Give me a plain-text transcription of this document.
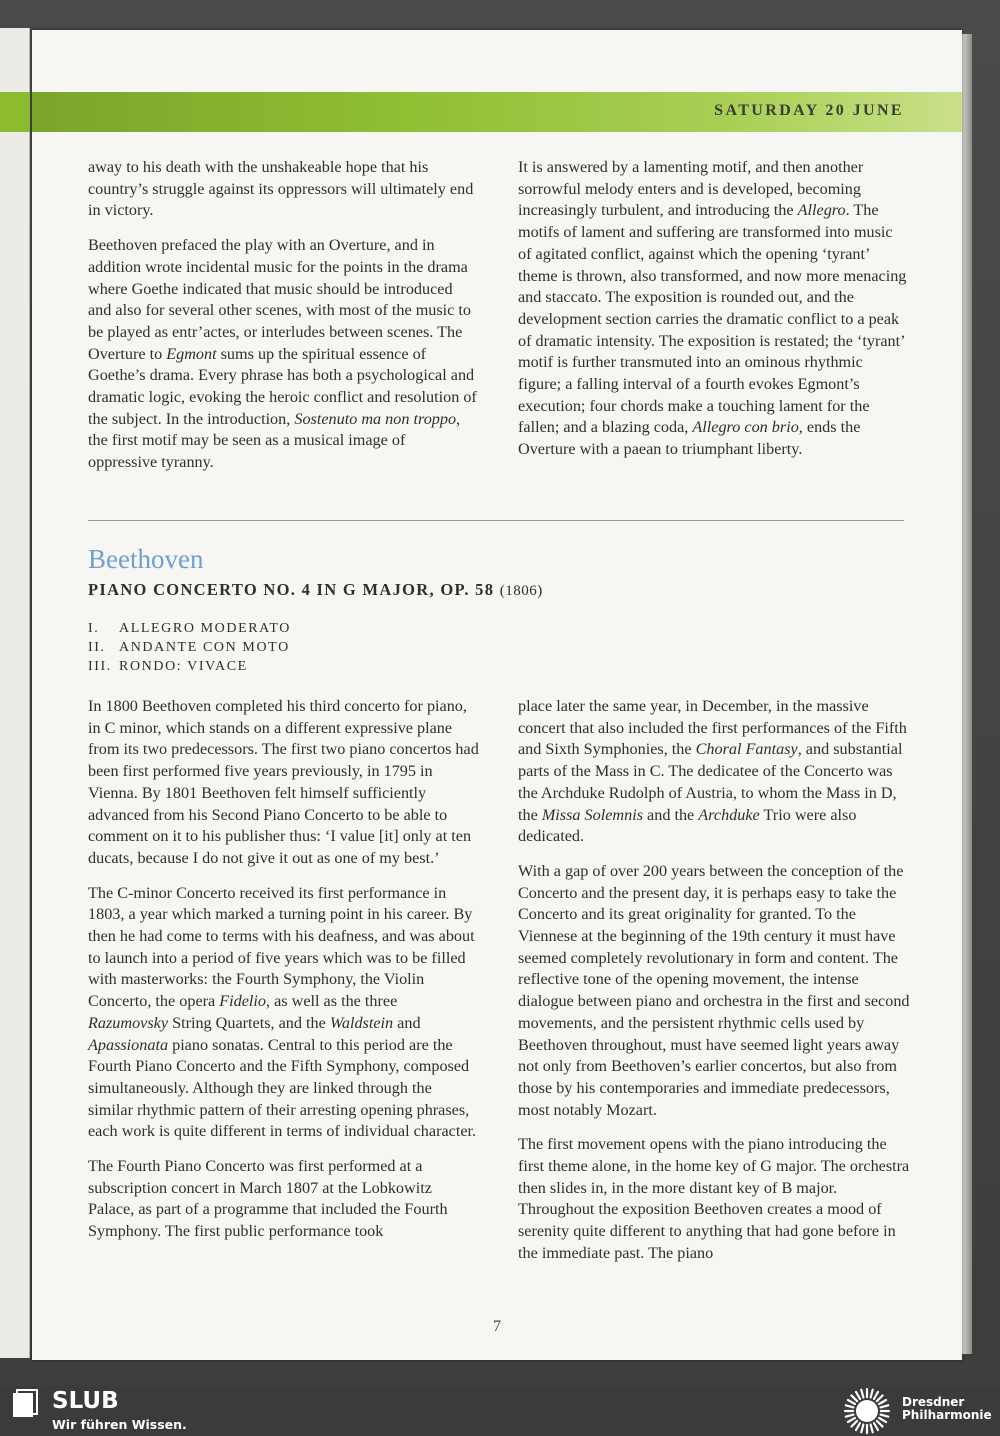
SATURDAY 20 JUNE

away to his death with the unshakeable hope that his country’s struggle against its oppressors will ultimately end in victory.

Beethoven prefaced the play with an Overture, and in addition wrote incidental music for the points in the drama where Goethe indicated that music should be introduced and also for several other scenes, with most of the music to be played as entr’actes, or interludes between scenes. The Overture to Egmont sums up the spiritual essence of Goethe’s drama. Every phrase has both a psychological and dramatic logic, evoking the heroic conflict and resolution of the subject. In the introduction, Sostenuto ma non troppo, the first motif may be seen as a musical image of oppressive tyranny.

It is answered by a lamenting motif, and then another sorrowful melody enters and is developed, becoming increasingly turbulent, and introducing the Allegro. The motifs of lament and suffering are transformed into music of agitated conflict, against which the opening ‘tyrant’ theme is thrown, also transformed, and now more menacing and staccato. The exposition is rounded out, and the development section carries the dramatic conflict to a peak of dramatic intensity. The exposition is restated; the ‘tyrant’ motif is further transmuted into an ominous rhythmic figure; a falling interval of a fourth evokes Egmont’s execution; four chords make a touching lament for the fallen; and a blazing coda, Allegro con brio, ends the Overture with a paean to triumphant liberty.

Beethoven
PIANO CONCERTO NO. 4 IN G MAJOR, OP. 58 (1806)
I. ALLEGRO MODERATO
II. ANDANTE CON MOTO
III. RONDO: VIVACE

In 1800 Beethoven completed his third concerto for piano, in C minor, which stands on a different expressive plane from its two predecessors. The first two piano concertos had been first performed five years previously, in 1795 in Vienna. By 1801 Beethoven felt himself sufficiently advanced from his Second Piano Concerto to be able to comment on it to his publisher thus: ‘I value [it] only at ten ducats, because I do not give it out as one of my best.’

The C-minor Concerto received its first performance in 1803, a year which marked a turning point in his career. By then he had come to terms with his deafness, and was about to launch into a period of five years which was to be filled with masterworks: the Fourth Symphony, the Violin Concerto, the opera Fidelio, as well as the three Razumovsky String Quartets, and the Waldstein and Apassionata piano sonatas. Central to this period are the Fourth Piano Concerto and the Fifth Symphony, composed simultaneously. Although they are linked through the similar rhythmic pattern of their arresting opening phrases, each work is quite different in terms of individual character.

The Fourth Piano Concerto was first performed at a subscription concert in March 1807 at the Lobkowitz Palace, as part of a programme that included the Fourth Symphony. The first public performance took

place later the same year, in December, in the massive concert that also included the first performances of the Fifth and Sixth Symphonies, the Choral Fantasy, and substantial parts of the Mass in C. The dedicatee of the Concerto was the Archduke Rudolph of Austria, to whom the Mass in D, the Missa Solemnis and the Archduke Trio were also dedicated.

With a gap of over 200 years between the conception of the Concerto and the present day, it is perhaps easy to take the Concerto and its great originality for granted. To the Viennese at the beginning of the 19th century it must have seemed completely revolutionary in form and content. The reflective tone of the opening movement, the intense dialogue between piano and orchestra in the first and second movements, and the persistent rhythmic cells used by Beethoven throughout, must have seemed light years away not only from Beethoven’s earlier concertos, but also from those by his contemporaries and immediate predecessors, most notably Mozart.

The first movement opens with the piano introducing the first theme alone, in the home key of G major. The orchestra then slides in, in the more distant key of B major. Throughout the exposition Beethoven creates a mood of serenity quite different to anything that had gone before in the immediate past. The piano

7
SLUB
Wir führen Wissen.
Dresdner
Philharmonie
